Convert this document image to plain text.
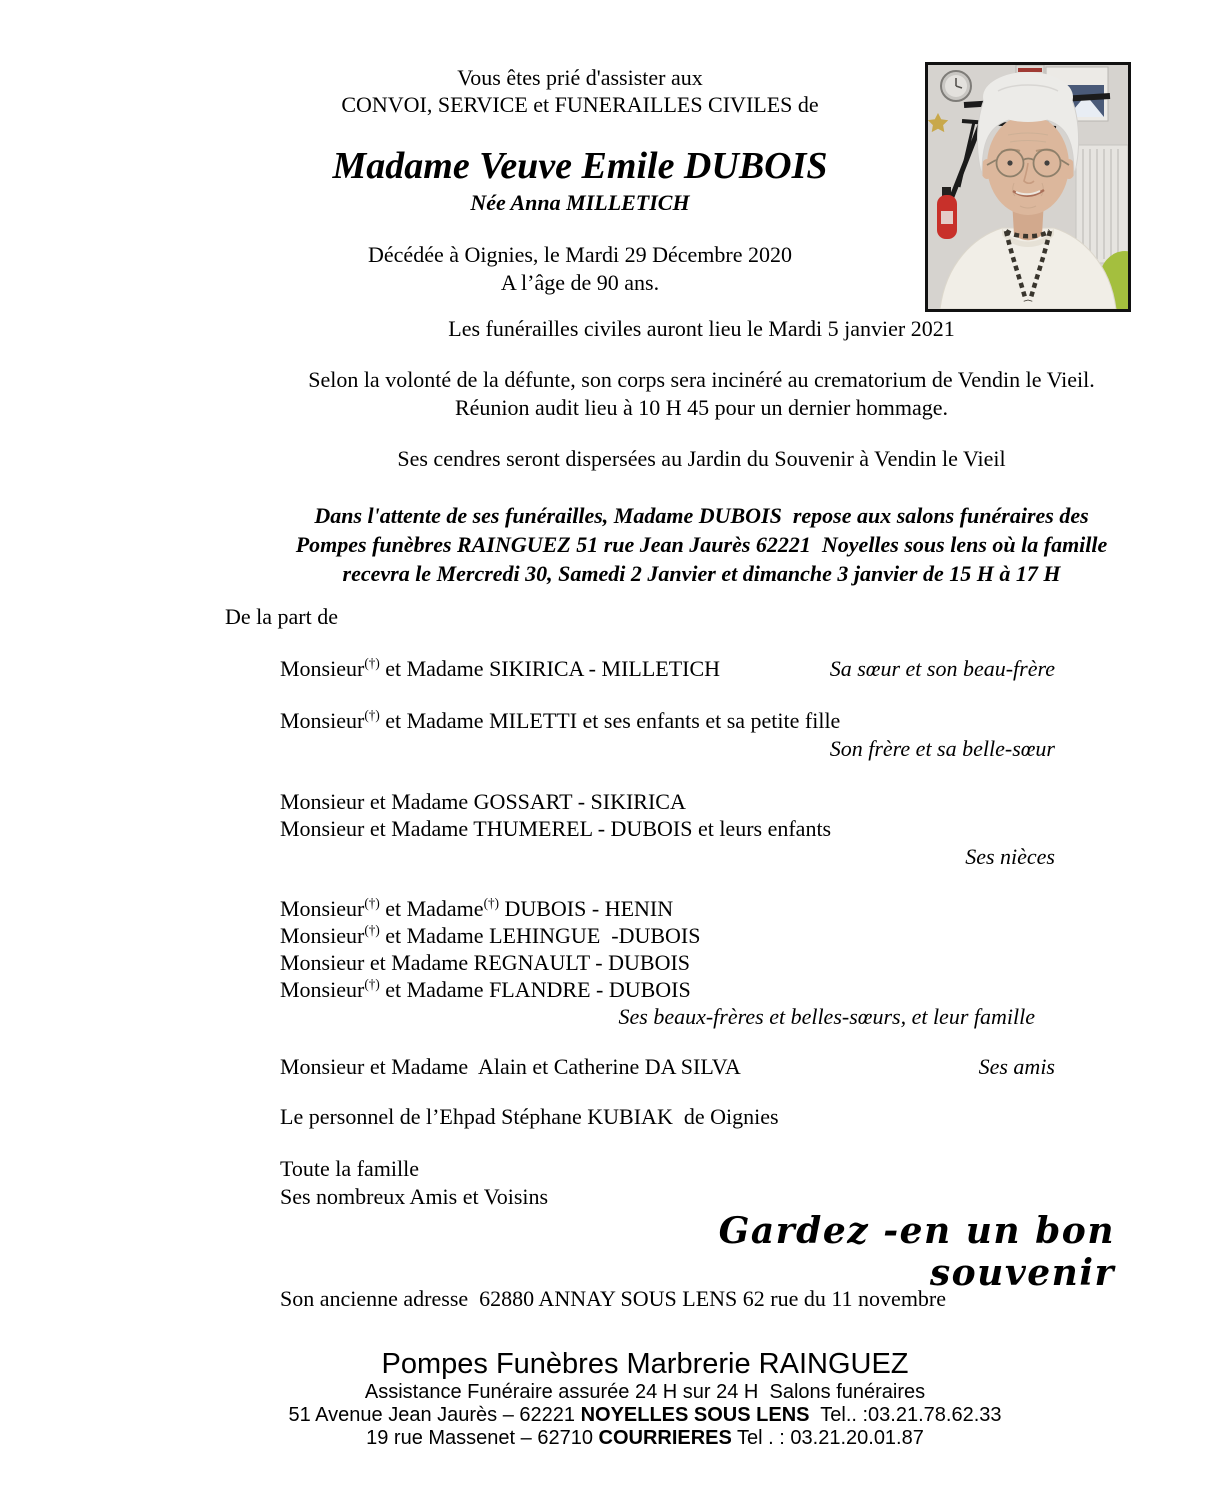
Vous êtes prié d'assister aux
CONVOI, SERVICE et FUNERAILLES CIVILES de
Madame Veuve Emile DUBOIS
Née Anna MILLETICH
Décédée à Oignies, le Mardi 29 Décembre 2020
A l’âge de 90 ans.
Les funérailles civiles auront lieu le Mardi 5 janvier 2021
Selon la volonté de la défunte, son corps sera incinéré au crematorium de Vendin le Vieil.
Réunion audit lieu à 10 H 45 pour un dernier hommage.
Ses cendres seront dispersées au Jardin du Souvenir à Vendin le Vieil
Dans l'attente de ses funérailles, Madame DUBOIS  repose aux salons funéraires des
Pompes funèbres RAINGUEZ 51 rue Jean Jaurès 62221  Noyelles sous lens où la famille
recevra le Mercredi 30, Samedi 2 Janvier et dimanche 3 janvier de 15 H à 17 H
De la part de
Monsieur(†) et Madame SIKIRICA - MILLETICH	Sa sœur et son beau-frère
Monsieur(†) et Madame MILETTI et ses enfants et sa petite fille
Son frère et sa belle-sœur
Monsieur et Madame GOSSART - SIKIRICA
Monsieur et Madame THUMEREL - DUBOIS et leurs enfants
Ses nièces
Monsieur(†) et Madame(†) DUBOIS - HENIN
Monsieur(†) et Madame LEHINGUE  -DUBOIS
Monsieur et Madame REGNAULT - DUBOIS
Monsieur(†) et Madame FLANDRE - DUBOIS
Ses beaux-frères et belles-sœurs, et leur famille
Monsieur et Madame  Alain et Catherine DA SILVA	Ses amis
Le personnel de l’Ehpad Stéphane KUBIAK  de Oignies
Toute la famille
Ses nombreux Amis et Voisins
Gardez -en un bon souvenir
Son ancienne adresse  62880 ANNAY SOUS LENS 62 rue du 11 novembre
Pompes Funèbres Marbrerie RAINGUEZ
Assistance Funéraire assurée 24 H sur 24 H  Salons funéraires
51 Avenue Jean Jaurès – 62221 NOYELLES SOUS LENS  Tel.. :03.21.78.62.33
19 rue Massenet – 62710 COURRIERES Tel . : 03.21.20.01.87
